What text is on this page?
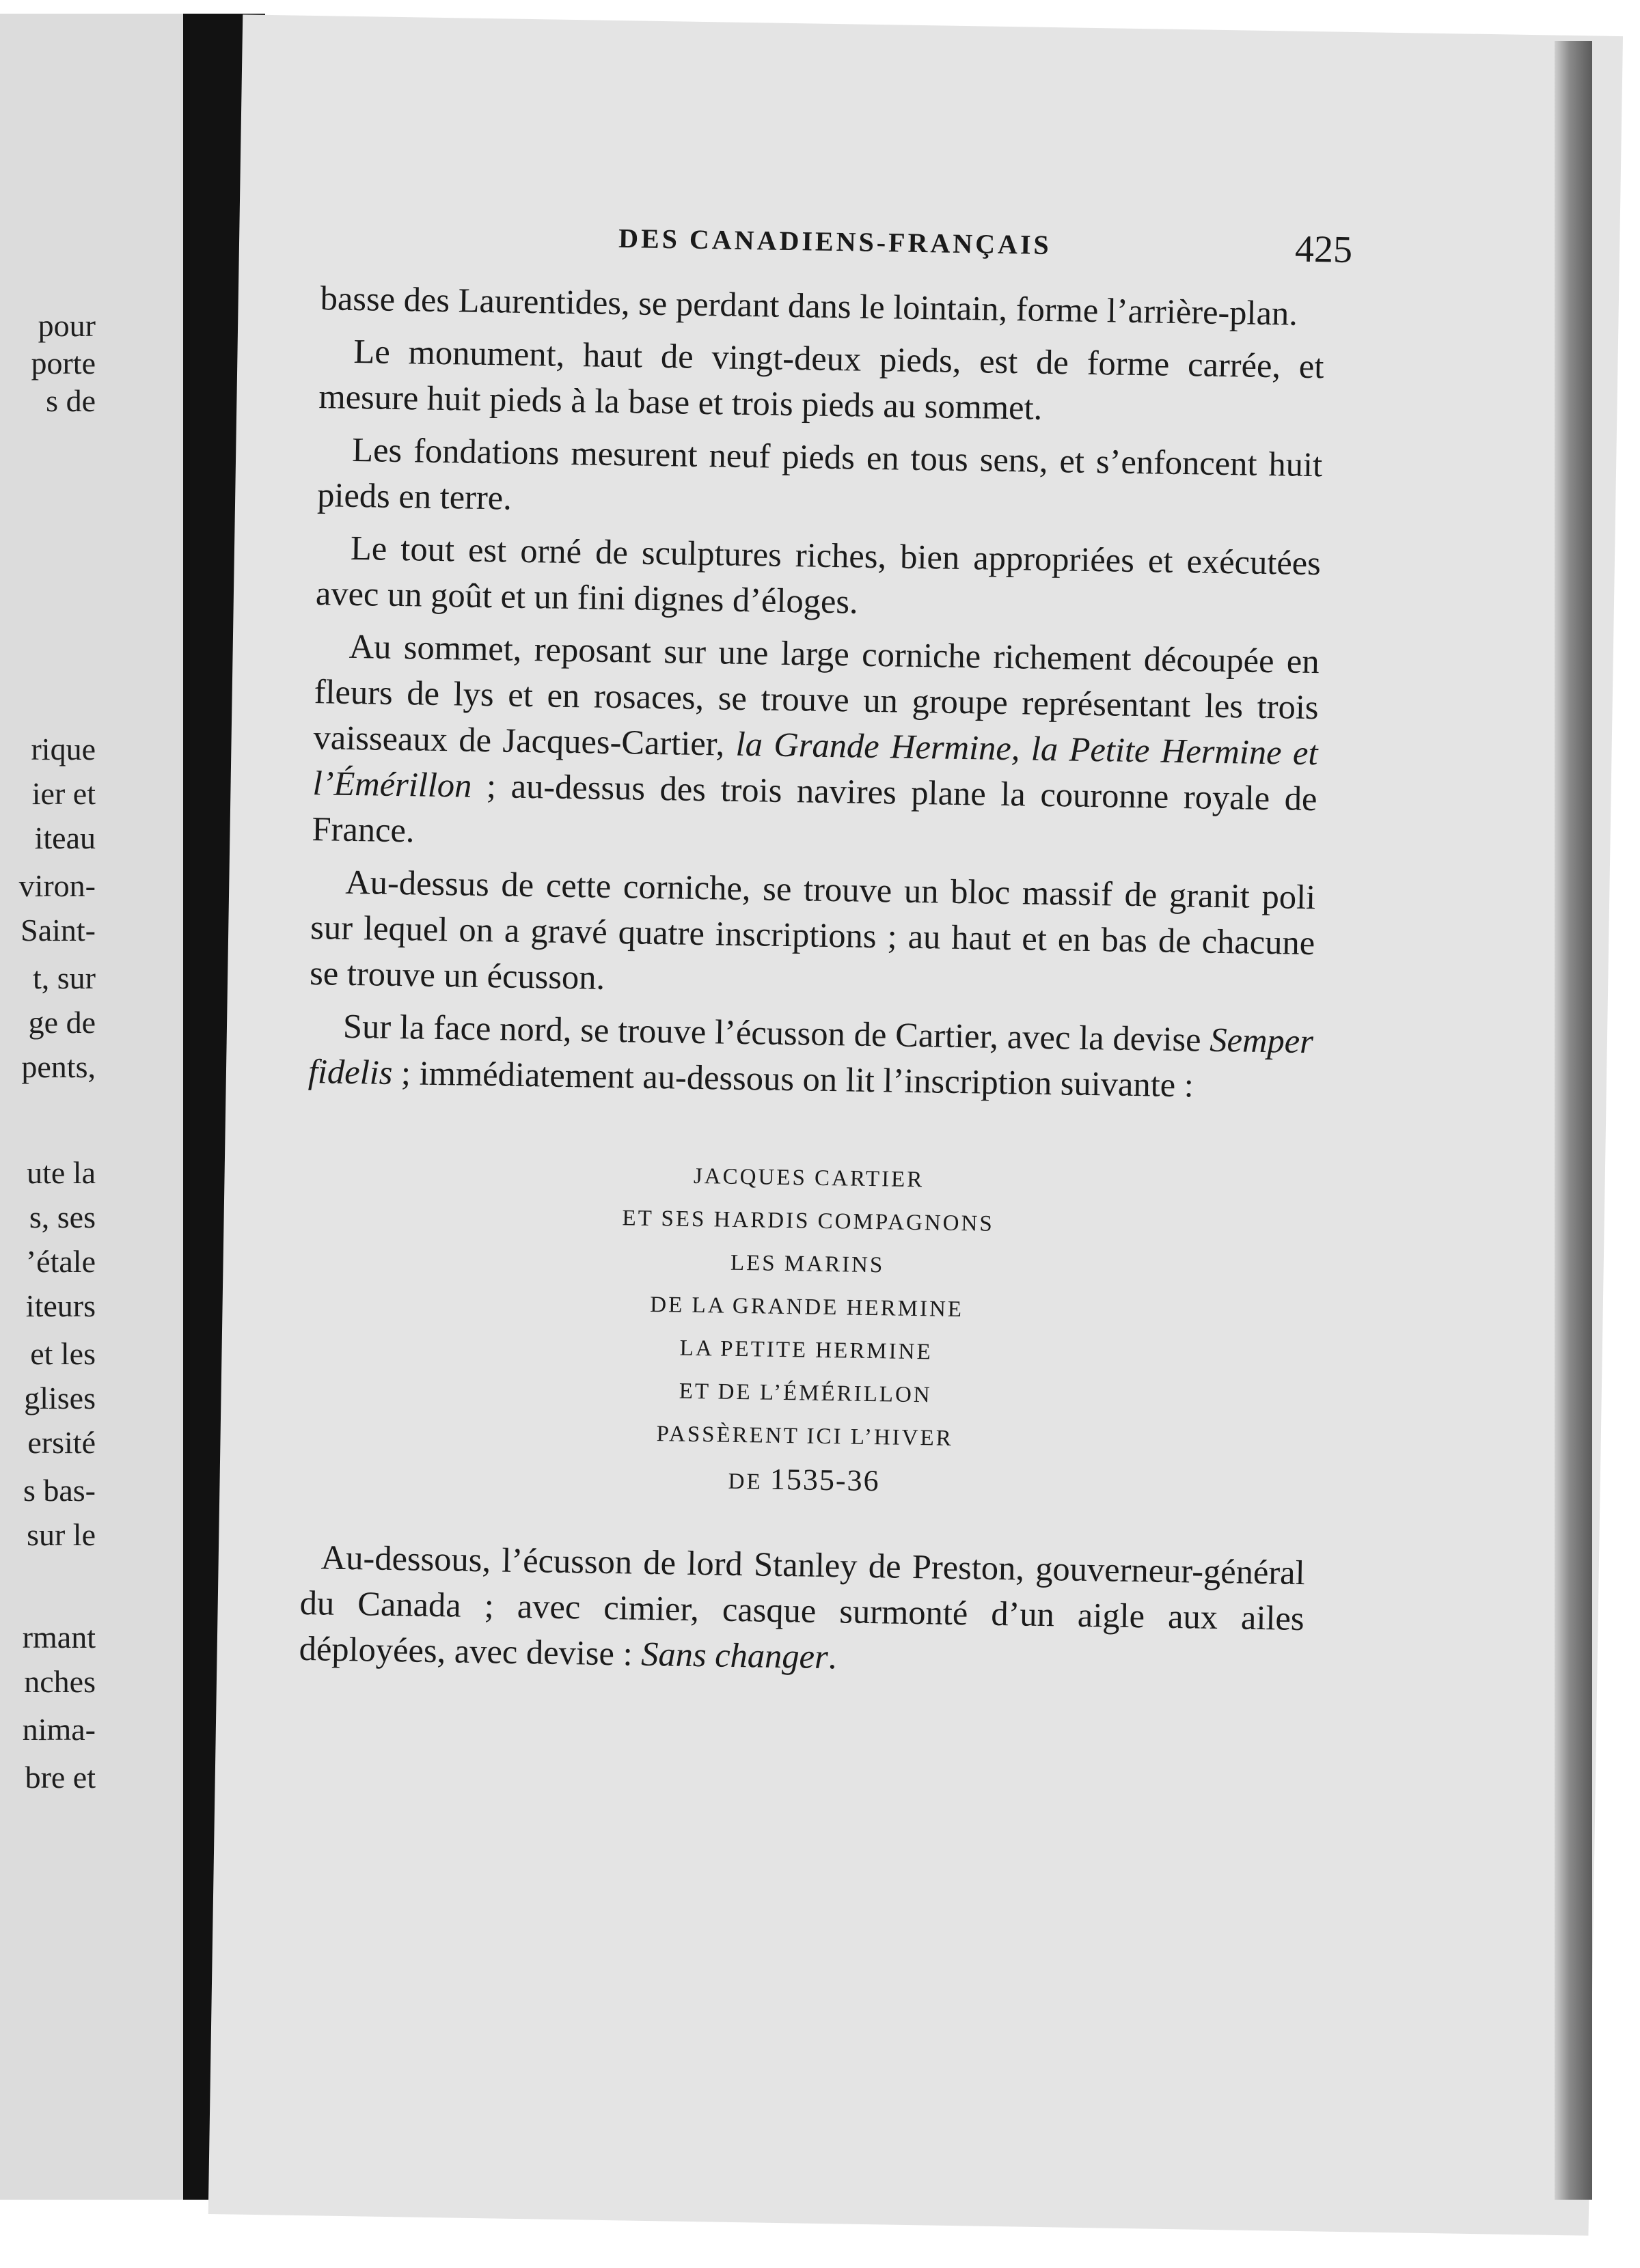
pour
porte
s de
rique
ier et
iteau
viron-
Saint-
t, sur
ge de
pents,
ute la
s, ses
’étale
iteurs
et les
glises
ersité
s bas-
sur le
rmant
nches
nima-
bre et
DES CANADIENS-FRANÇAIS	425

basse des Laurentides, se perdant dans le lointain, forme l’arrière-plan.

Le monument, haut de vingt-deux pieds, est de forme carrée, et mesure huit pieds à la base et trois pieds au sommet.

Les fondations mesurent neuf pieds en tous sens, et s’enfoncent huit pieds en terre.

Le tout est orné de sculptures riches, bien appropriées et exécutées avec un goût et un fini dignes d’éloges.

Au sommet, reposant sur une large corniche richement découpée en fleurs de lys et en rosaces, se trouve un groupe représentant les trois vaisseaux de Jacques-Cartier, la Grande Hermine, la Petite Hermine et l’Émérillon ; au-dessus des trois navires plane la couronne royale de France.

Au-dessus de cette corniche, se trouve un bloc massif de granit poli sur lequel on a gravé quatre inscriptions ; au haut et en bas de chacune se trouve un écusson.

Sur la face nord, se trouve l’écusson de Cartier, avec la devise Semper fidelis ; immédiatement au-dessous on lit l’inscription suivante :

JACQUES CARTIER
ET SES HARDIS COMPAGNONS
LES MARINS
DE LA GRANDE HERMINE
LA PETITE HERMINE
ET DE L’ÉMÉRILLON
PASSÈRENT ICI L’HIVER
DE 1535-36

Au-dessous, l’écusson de lord Stanley de Preston, gouverneur-général du Canada ; avec cimier, casque surmonté d’un aigle aux ailes déployées, avec devise : Sans changer.
